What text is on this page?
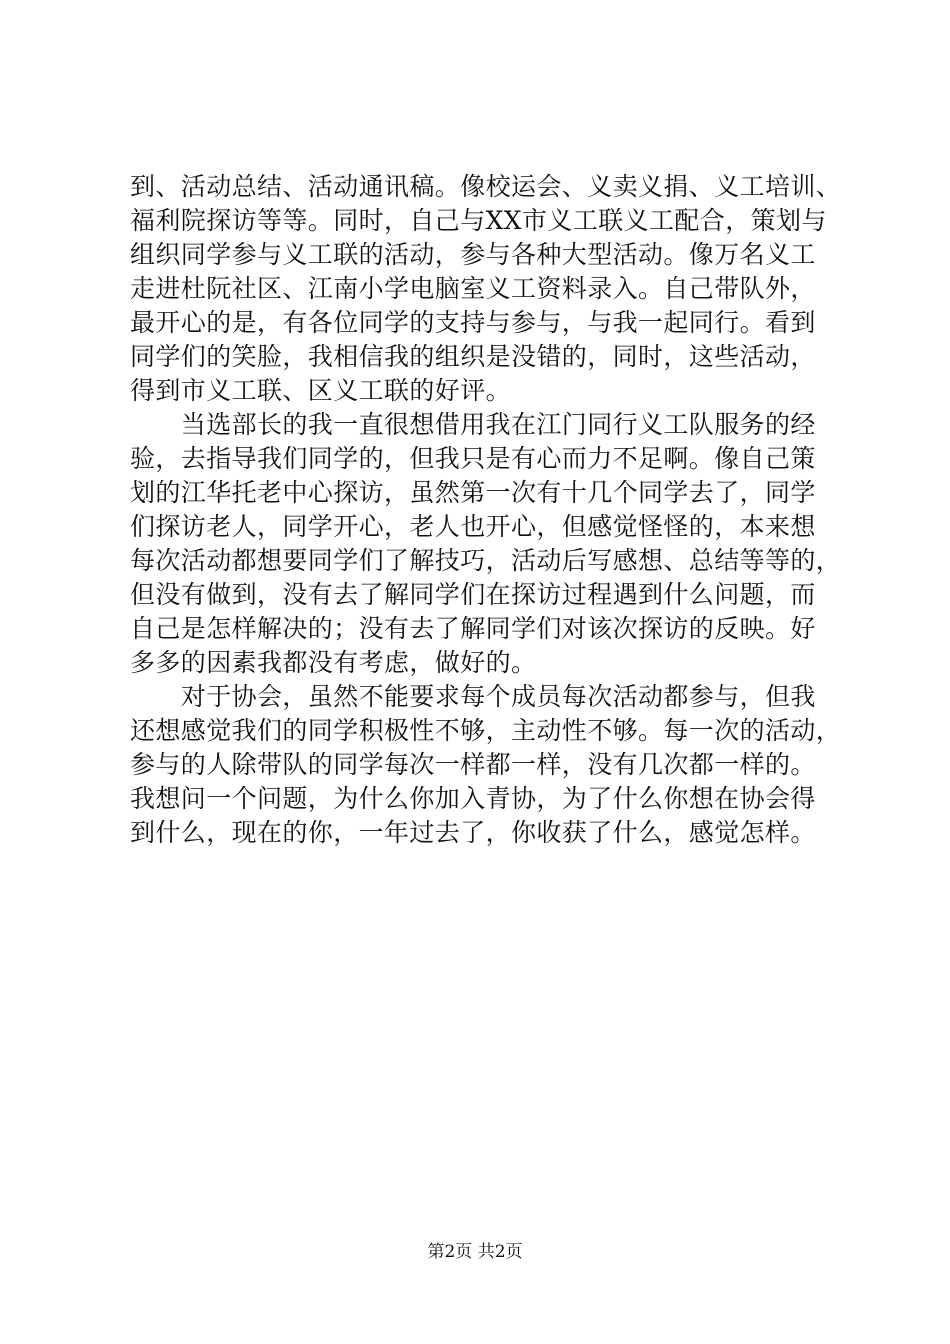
到、活动总结、活动通讯稿。像校运会、义卖义捐、义工培训、
福利院探访等等。同时，自己与XX市义工联义工配合，策划与
组织同学参与义工联的活动，参与各种大型活动。像万名义工
走进杜阮社区、江南小学电脑室义工资料录入。自己带队外，
最开心的是，有各位同学的支持与参与，与我一起同行。看到
同学们的笑脸，我相信我的组织是没错的，同时，这些活动，
得到市义工联、区义工联的好评。
　　当选部长的我一直很想借用我在江门同行义工队服务的经
验，去指导我们同学的，但我只是有心而力不足啊。像自己策
划的江华托老中心探访，虽然第一次有十几个同学去了，同学
们探访老人，同学开心，老人也开心，但感觉怪怪的，本来想
每次活动都想要同学们了解技巧，活动后写感想、总结等等的，
但没有做到，没有去了解同学们在探访过程遇到什么问题，而
自己是怎样解决的；没有去了解同学们对该次探访的反映。好
多多的因素我都没有考虑，做好的。
　　对于协会，虽然不能要求每个成员每次活动都参与，但我
还想感觉我们的同学积极性不够，主动性不够。每一次的活动，
参与的人除带队的同学每次一样都一样，没有几次都一样的。
我想问一个问题，为什么你加入青协，为了什么你想在协会得
到什么，现在的你，一年过去了，你收获了什么，感觉怎样。
第2页 共2页
